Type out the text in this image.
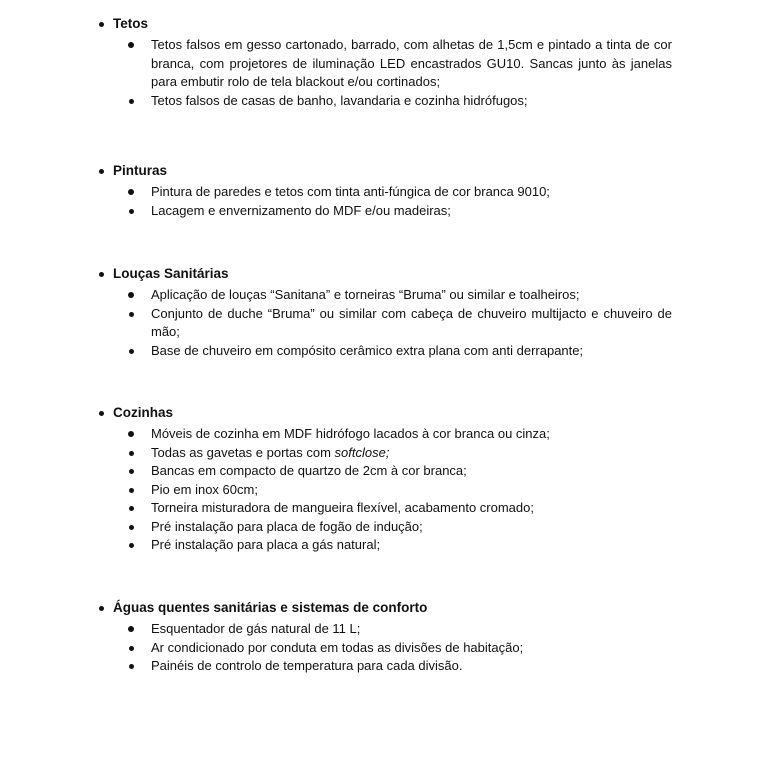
Tetos
Tetos falsos em gesso cartonado, barrado, com alhetas de 1,5cm e pintado a tinta de cor branca, com projetores de iluminação LED encastrados GU10. Sancas junto às janelas para embutir rolo de tela blackout e/ou cortinados;
Tetos falsos de casas de banho, lavandaria e cozinha hidrófugos;
Pinturas
Pintura de paredes e tetos com tinta anti-fúngica de cor branca 9010;
Lacagem e envernizamento do MDF e/ou madeiras;
Louças Sanitárias
Aplicação de louças “Sanitana” e torneiras “Bruma” ou similar e toalheiros;
Conjunto de duche “Bruma” ou similar com cabeça de chuveiro multijacto e chuveiro de mão;
Base de chuveiro em compósito cerâmico extra plana com anti derrapante;
Cozinhas
Móveis de cozinha em MDF hidrófogo lacados à cor branca ou cinza;
Todas as gavetas e portas com softclose;
Bancas em compacto de quartzo de 2cm à cor branca;
Pio em inox 60cm;
Torneira misturadora de mangueira flexível, acabamento cromado;
Pré instalação para placa de fogão de indução;
Pré instalação para placa a gás natural;
Águas quentes sanitárias e sistemas de conforto
Esquentador de gás natural de 11 L;
Ar condicionado por conduta em todas as divisões de habitação;
Painéis de controlo de temperatura para cada divisão.
